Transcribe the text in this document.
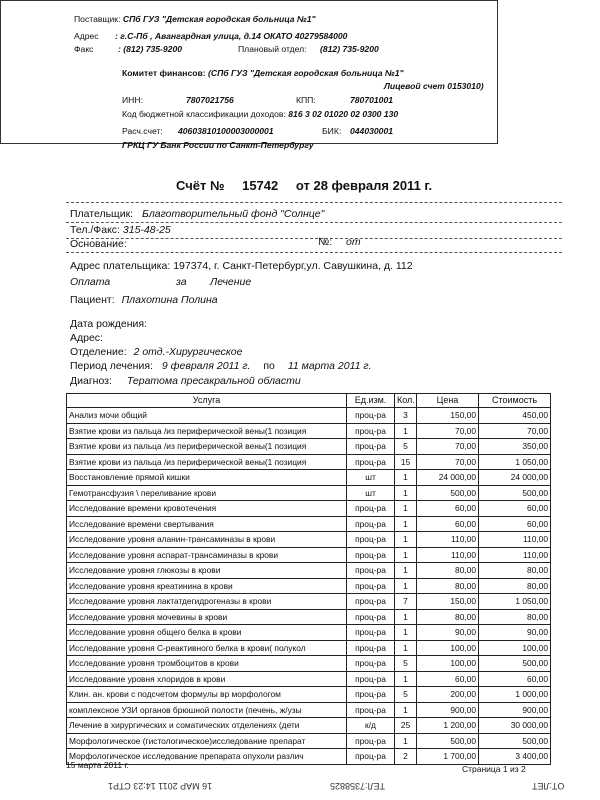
Поставщик: СПб ГУЗ "Детская городская больница №1"
Адрес : г.С-Пб , Авангардная улица, д.14 ОКАТО 40279584000
Факс	: (812) 735-9200	Плановый отдел: (812) 735-9200
Комитет финансов: (СПб ГУЗ "Детская городская больница №1"
Лицевой счет 0153010)
ИНН:	7807021756	КПП:	780701001
Код бюджетной классификации доходов: 816 3 02 01020 02 0300 130
Расч.счет: 40603810100003000001	БИК: 044030001
ГРКЦ ГУ Банк России по Санкт-Петербургу
Счёт № 15742 от 28 февраля 2011 г.
Плательщик: Благотворительный фонд "Солнце"
Тел./Факс: 315-48-25
Основание:	№: от
Адрес плательщика: 197374, г. Санкт-Петербург,ул. Савушкина, д. 112
Оплата	за Лечение
Пациент: Плахотина Полина
Дата рождения:
Адрес:
Отделение: 2 отд.-Хирургическое
Период лечения: 9 февраля 2011 г. по 11 марта 2011 г.
Диагноз: Тератома пресакральной области
Услуга	Ед.изм.	Кол.	Цена	Стоимость
Анализ мочи общий	проц-ра	3	150,00	450,00
Взятие крови из пальца /из периферической вены(1 позиция	проц-ра	1	70,00	70,00
Взятие крови из пальца /из периферической вены(1 позиция	проц-ра	5	70,00	350,00
Взятие крови из пальца /из периферической вены(1 позиция	проц-ра	15	70,00	1 050,00
Восстановление прямой кишки	шт	1	24 000,00	24 000,00
Гемотрансфузия \ переливание крови	шт	1	500,00	500,00
Исследование времени кровотечения	проц-ра	1	60,00	60,00
Исследование времени свертывания	проц-ра	1	60,00	60,00
Исследование уровня аланин-трансаминазы в крови	проц-ра	1	110,00	110,00
Исследование уровня аспарат-трансаминазы в крови	проц-ра	1	110,00	110,00
Исследование уровня глюкозы в крови	проц-ра	1	80,00	80,00
Исследование уровня креатинина в крови	проц-ра	1	80,00	80,00
Исследование уровня лактатдегидрогеназы в крови	проц-ра	7	150,00	1 050,00
Исследование уровня мочевины в крови	проц-ра	1	80,00	80,00
Исследование уровня общего белка в крови	проц-ра	1	90,00	90,00
Исследование уровня С-реактивного белка в крови( полукол	проц-ра	1	100,00	100,00
Исследование уровня тромбоцитов в крови	проц-ра	5	100,00	500,00
Исследование уровня хлоридов в крови	проц-ра	1	60,00	60,00
Клин. ан. крови с подсчетом формулы вр морфологом	проц-ра	5	200,00	1 000,00
комплексное УЗИ органов брюшной полости (печень, ж/узы	проц-ра	1	900,00	900,00
Лечение в хирургических и соматических отделениях (дети	к/д	25	1 200,00	30 000,00
Морфологическое (гистологическое)исследование препарат	проц-ра	1	500,00	500,00
Морфологическое исследование препарата опухоли различ	проц-ра	2	1 700,00	3 400,00
15 марта 2011 г.	Страница 1 из 2
16 МАР 2011 14:23 СТР1	ТЕЛ:7358825	ОТ:ЛЕТ
